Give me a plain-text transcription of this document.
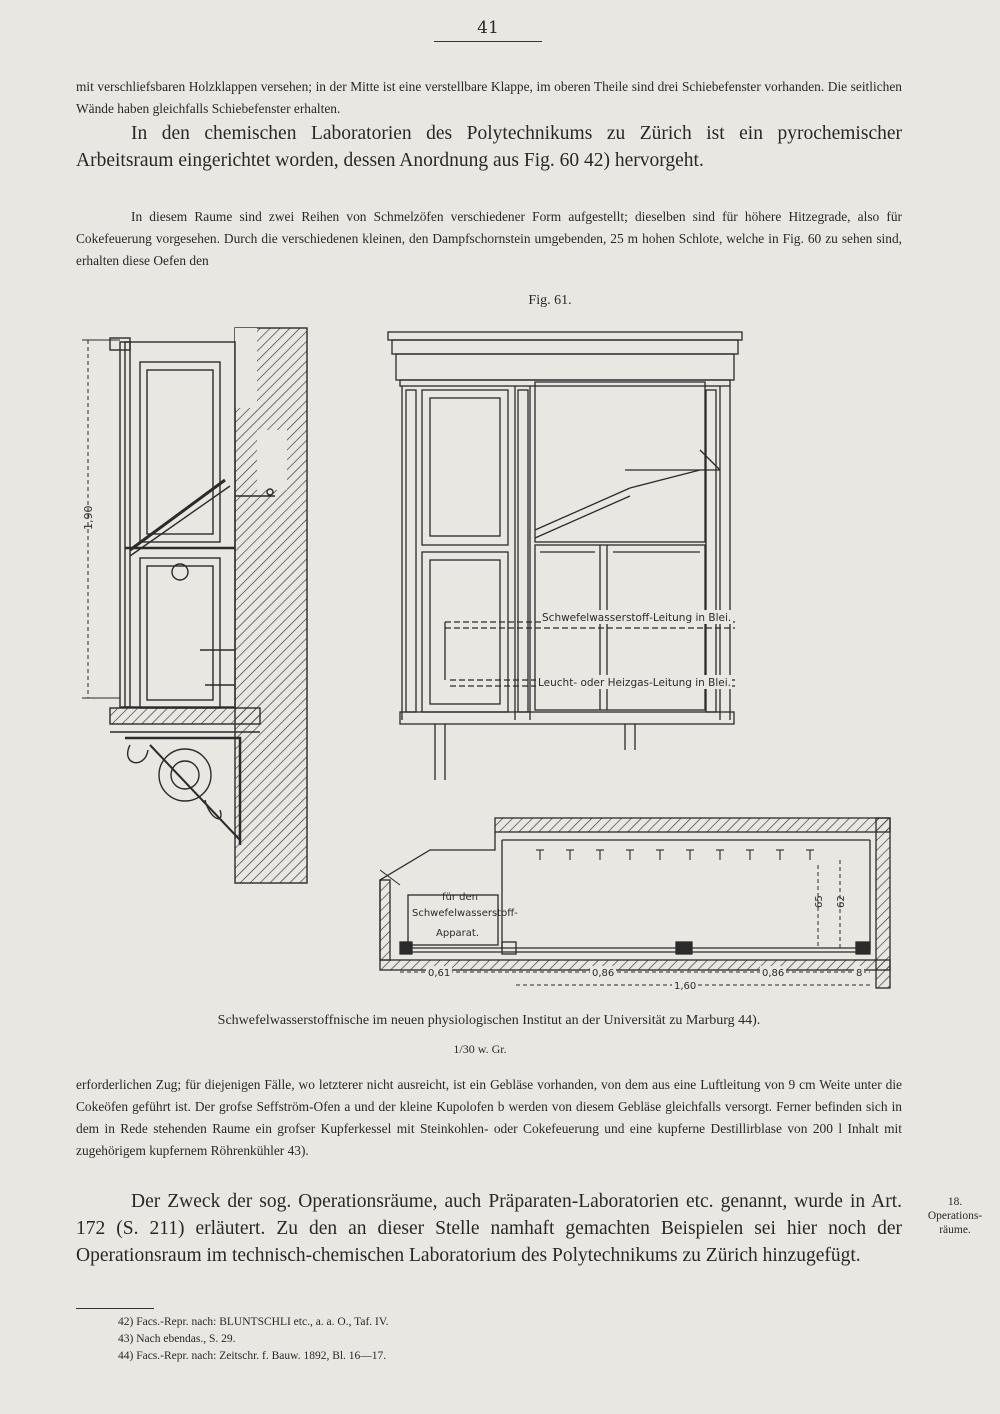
41

mit verschliefsbaren Holzklappen versehen; in der Mitte ist eine verstellbare Klappe, im oberen Theile sind drei Schiebefenster vorhanden. Die seitlichen Wände haben gleichfalls Schiebefenster erhalten.

In den chemischen Laboratorien des Polytechnikums zu Zürich ist ein pyrochemischer Arbeitsraum eingerichtet worden, dessen Anordnung aus Fig. 60 42) hervorgeht.

In diesem Raume sind zwei Reihen von Schmelzöfen verschiedener Form aufgestellt; dieselben sind für höhere Hitzegrade, also für Cokefeuerung vorgesehen. Durch die verschiedenen kleinen, den Dampfschornstein umgebenden, 25 m hohen Schlote, welche in Fig. 60 zu sehen sind, erhalten diese Oefen den

Fig. 61.
1,90
Schwefelwasserstoff-Leitung in Blei.
Leucht- oder Heizgas-Leitung in Blei.
für den
Schwefelwasserstoff-
Apparat.
65 62
0,61	0,86	0,86	8
1,60
Schwefelwasserstoffnische im neuen physiologischen Institut an der Universität zu Marburg 44).
1/30 w. Gr.

erforderlichen Zug; für diejenigen Fälle, wo letzterer nicht ausreicht, ist ein Gebläse vorhanden, von dem aus eine Luftleitung von 9 cm Weite unter die Cokeöfen geführt ist. Der grofse Seffström-Ofen a und der kleine Kupolofen b werden von diesem Gebläse gleichfalls versorgt. Ferner befinden sich in dem in Rede stehenden Raume ein grofser Kupferkessel mit Steinkohlen- oder Cokefeuerung und eine kupferne Destillirblase von 200 l Inhalt mit zugehörigem kupfernem Röhrenkühler 43).

Der Zweck der sog. Operationsräume, auch Präparaten-Laboratorien etc. genannt, wurde in Art. 172 (S. 211) erläutert. Zu den an dieser Stelle namhaft gemachten Beispielen sei hier noch der Operationsraum im technisch-chemischen Laboratorium des Polytechnikums zu Zürich hinzugefügt.

18.
Operations-
räume.
42) Facs.-Repr. nach: BLUNTSCHLI etc., a. a. O., Taf. IV.
43) Nach ebendas., S. 29.
44) Facs.-Repr. nach: Zeitschr. f. Bauw. 1892, Bl. 16—17.
